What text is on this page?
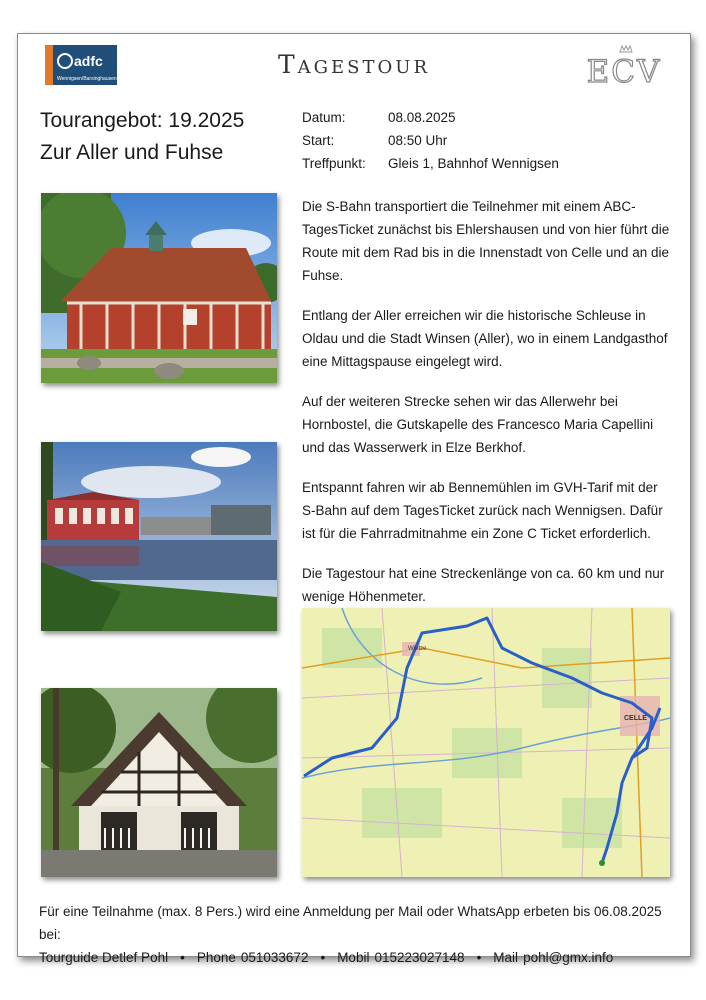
adfc
Wennigsen/Barsinghausen	Tagestour	ECV
Tourangebot: 19.2025
Zur Aller und Fuhse
Datum:	08.08.2025
Start:	08:50 Uhr
Treffpunkt:	Gleis 1, Bahnhof Wennigsen

Die S-Bahn transportiert die Teilnehmer mit einem ABC-TagesTicket zunächst bis Ehlershausen und von hier führt die Route mit dem Rad bis in die Innenstadt von Celle und an die Fuhse.

Entlang der Aller erreichen wir die historische Schleuse in Oldau und die Stadt Winsen (Aller), wo in einem Landgasthof eine Mittagspause eingelegt wird.

Auf der weiteren Strecke sehen wir das Allerwehr bei Hornbostel, die Gutskapelle des Francesco Maria Capellini und das Wasserwerk in Elze Berkhof.

Entspannt fahren wir ab Bennemühlen im GVH-Tarif mit der S-Bahn auf dem TagesTicket zurück nach Wennigsen. Dafür ist für die Fahrradmitnahme ein Zone C Ticket erforderlich.

Die Tagestour hat eine Streckenlänge von ca. 60 km und nur wenige Höhenmeter.

CELLE
Wietze
Für eine Teilnahme (max. 8 Pers.) wird eine Anmeldung per Mail oder WhatsApp erbeten bis 06.08.2025 bei:
Tourguide Detlef Pohl • Phone 051033672 • Mobil 015223027148 • Mail pohl@gmx.info
